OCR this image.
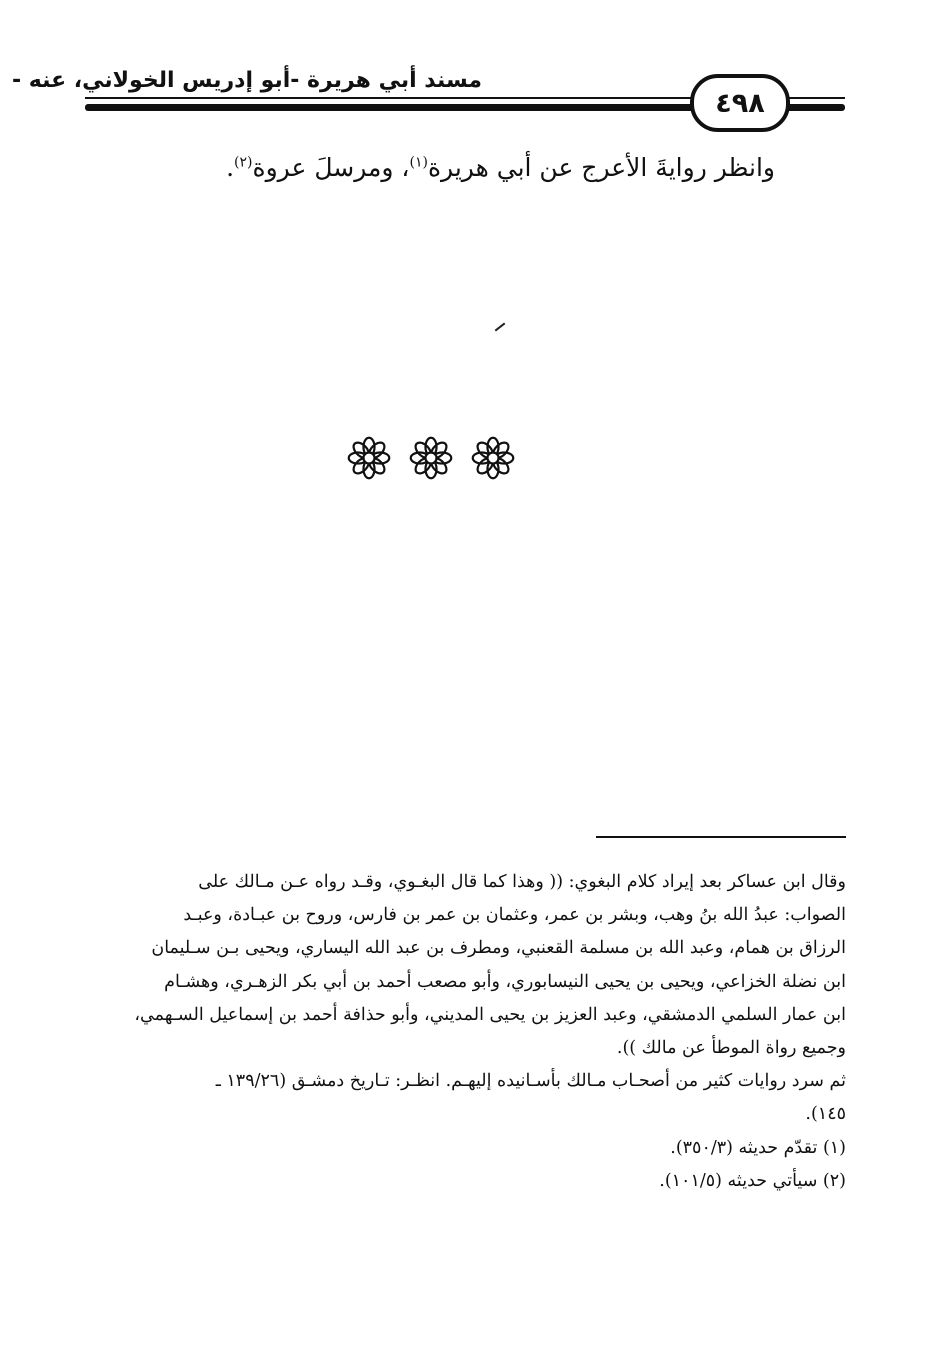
مسند أبي هريرة -أبو إدريس الخولاني، عنه -
٤٩٨
وانظر روايةَ الأعرج عن أبي هريرة$^{(١)}$، ومرسلَ عروة$^{(٢)}$.
وقال ابن عساكر بعد إيراد كلام البغوي: (( وهذا كما قال البغـوي، وقـد رواه عـن مـالك على
الصواب: عبدُ الله بنُ وهب، وبشر بن عمر، وعثمان بن عمر بن فارس، وروح بن عبـادة، وعبـد
الرزاق بن همام، وعبد الله بن مسلمة القعنبي، ومطرف بن عبد الله اليساري، ويحيى بـن سـليمان
ابن نضلة الخزاعي، ويحيى بن يحيى النيسابوري، وأبو مصعب أحمد بن أبي بكر الزهـري، وهشـام
ابن عمار السلمي الدمشقي، وعبد العزيز بن يحيى المديني، وأبو حذافة أحمد بن إسماعيل السـهمي،
وجميع رواة الموطأ عن مالك )).
ثم سرد روايات كثير من أصحـاب مـالك بأسـانيده إليهـم. انظـر: تـاريخ دمشـق (١٣٩/٢٦ ـ
١٤٥).
(١) تقدّم حديثه (٣٥٠/٣).
(٢) سيأتي حديثه (١٠١/٥).
